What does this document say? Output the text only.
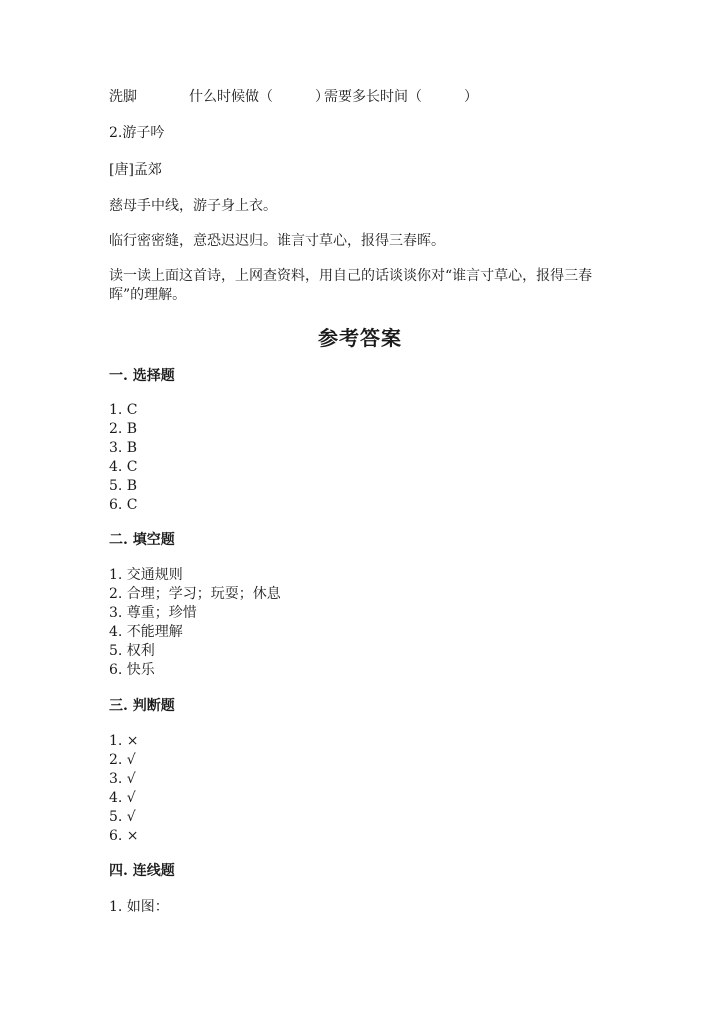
洗脚	什么时候做（　　　）
需要多长时间（　　　）
2.游子吟
[唐]孟郊
慈母手中线，游子身上衣。
临行密密缝，意恐迟迟归。谁言寸草心，报得三春晖。
读一读上面这首诗，上网查资料，用自己的话谈谈你对“谁言寸草心，报得三春晖”的理解。
参考答案
一. 选择题
1. C
2. B
3. B
4. C
5. B
6. C
二. 填空题
1. 交通规则
2. 合理；学习；玩耍；休息
3. 尊重；珍惜
4. 不能理解
5. 权利
6. 快乐
三. 判断题
1. ×
2. √
3. √
4. √
5. √
6. ×
四. 连线题
1. 如图：
